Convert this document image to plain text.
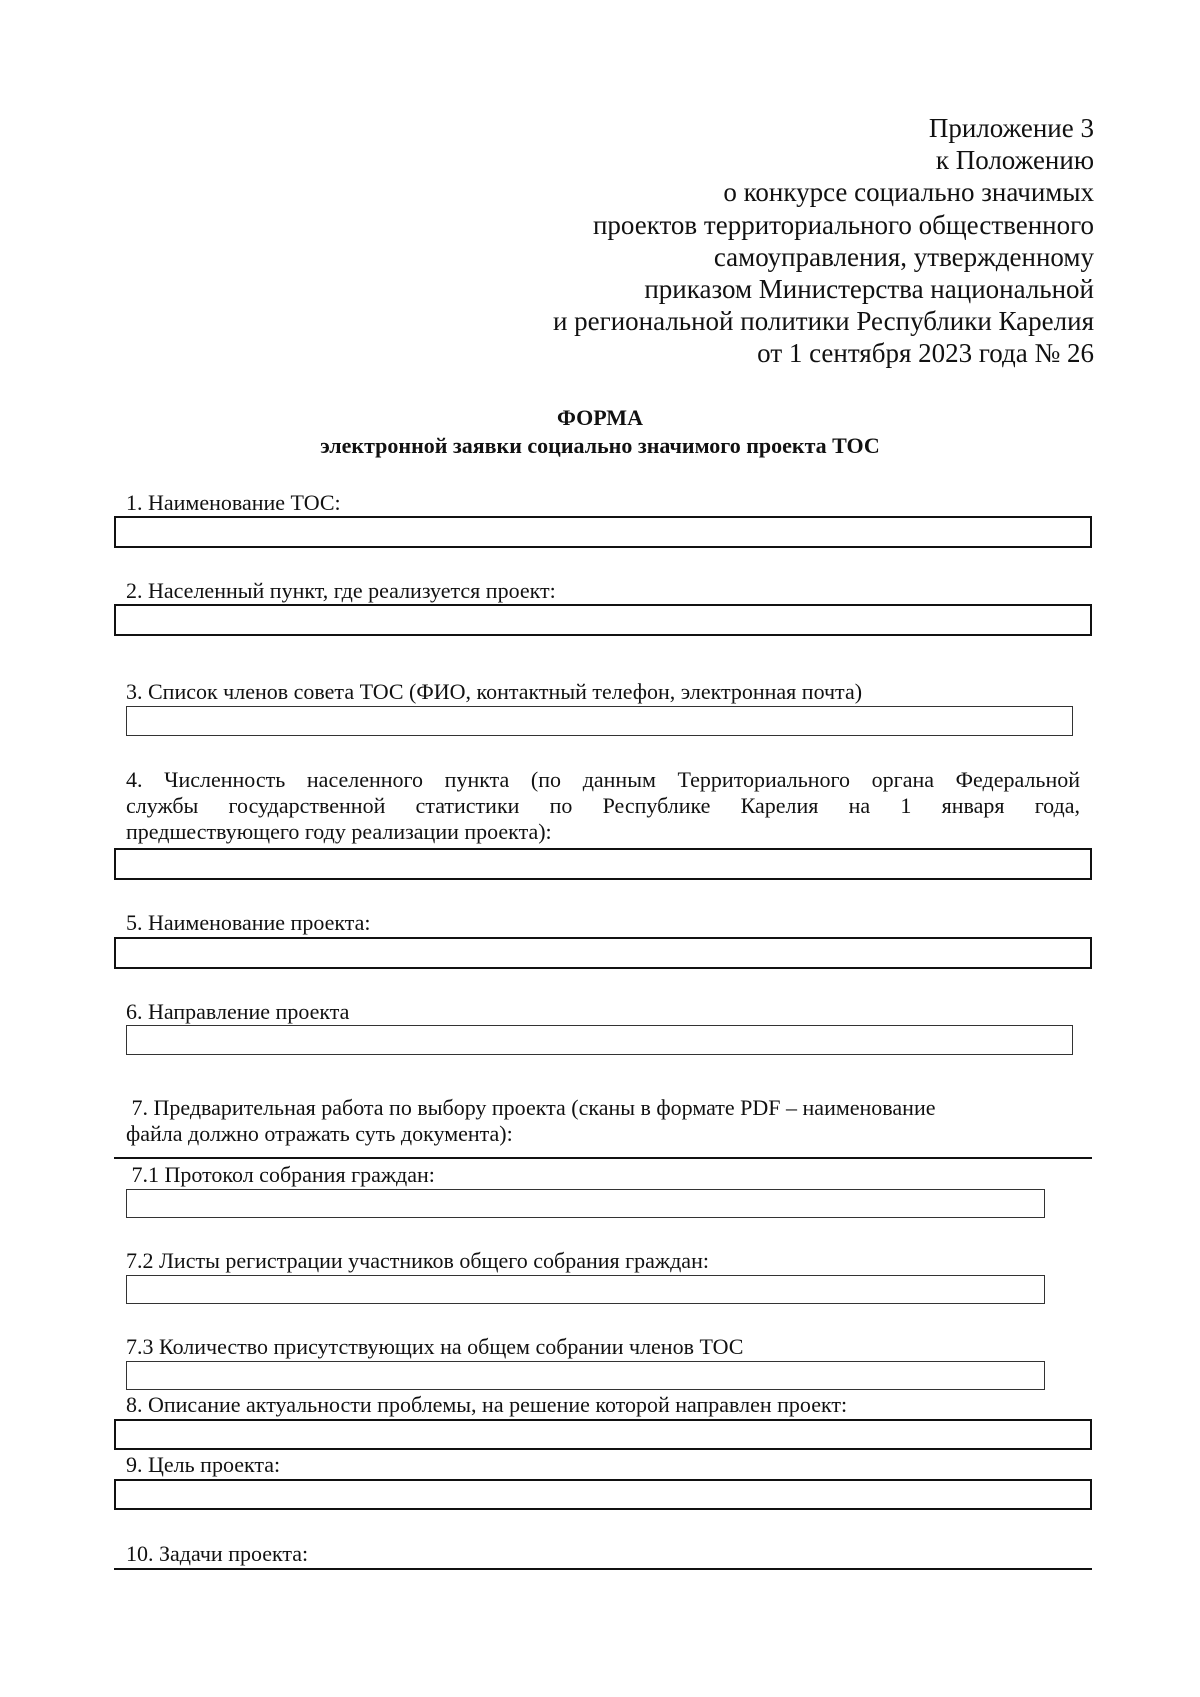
Приложение 3
к Положению
о конкурсе социально значимых
проектов территориального общественного
самоуправления, утвержденному
приказом Министерства национальной
и региональной политики Республики Карелия
от 1 сентября 2023 года № 26
ФОРМА
электронной заявки социально значимого проекта ТОС
1. Наименование ТОС:
2. Населенный пункт, где реализуется проект:
3. Список членов совета ТОС (ФИО, контактный телефон, электронная почта)
4. Численность населенного пункта (по данным Территориального органа Федеральной
службы государственной статистики по Республике Карелия на 1 января года,
предшествующего году реализации проекта):
5. Наименование проекта:
6. Направление проекта
7. Предварительная работа по выбору проекта (сканы в формате PDF – наименование
файла должно отражать суть документа):
7.1 Протокол собрания граждан:
7.2 Листы регистрации участников общего собрания граждан:
7.3 Количество присутствующих на общем собрании членов ТОС
8. Описание актуальности проблемы, на решение которой направлен проект:
9. Цель проекта:
10. Задачи проекта:
